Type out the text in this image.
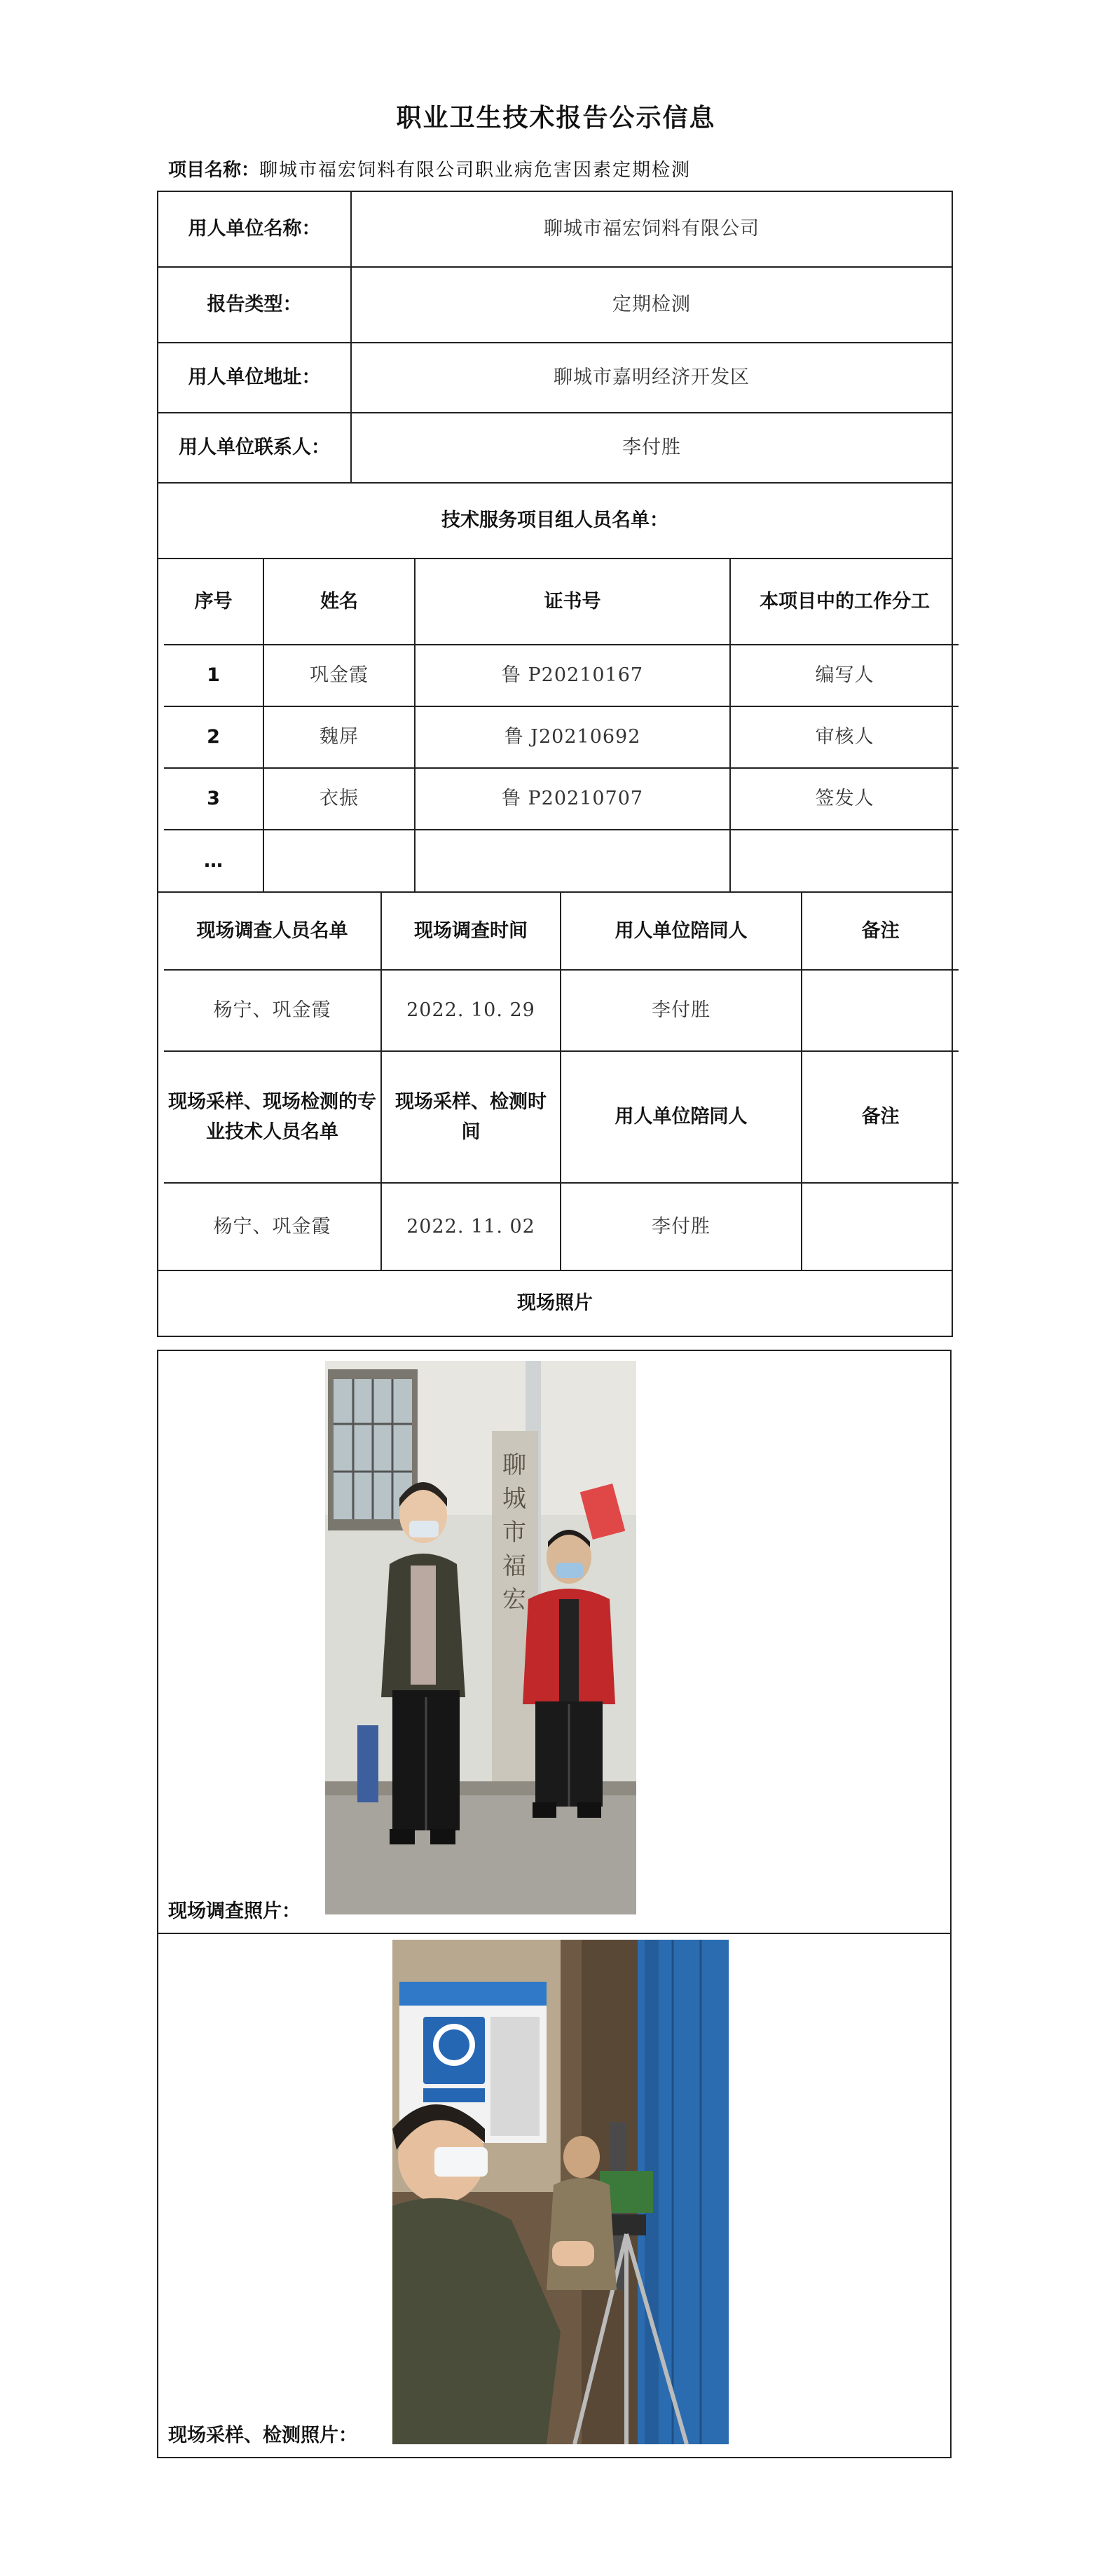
职业卫生技术报告公示信息
项目名称：聊城市福宏饲料有限公司职业病危害因素定期检测
用人单位名称：	聊城市福宏饲料有限公司
报告类型：	定期检测
用人单位地址：	聊城市嘉明经济开发区
用人单位联系人：	李付胜
技术服务项目组人员名单：

序号	姓名	证书号	本项目中的工作分工
1	巩金霞	鲁 P20210167	编写人
2	魏屏	鲁 J20210692	审核人
3	衣振	鲁 P20210707	签发人
…			

现场调查人员名单	现场调查时间	用人单位陪同人	备注
杨宁、巩金霞	2022. 10. 29	李付胜	
现场采样、现场检测的专业技术人员名单	现场采样、检测时间	用人单位陪同人	备注
杨宁、巩金霞	2022. 11. 02	李付胜	

现场照片
聊
城
市
福
宏
现场调查照片：

现场采样、检测照片：
